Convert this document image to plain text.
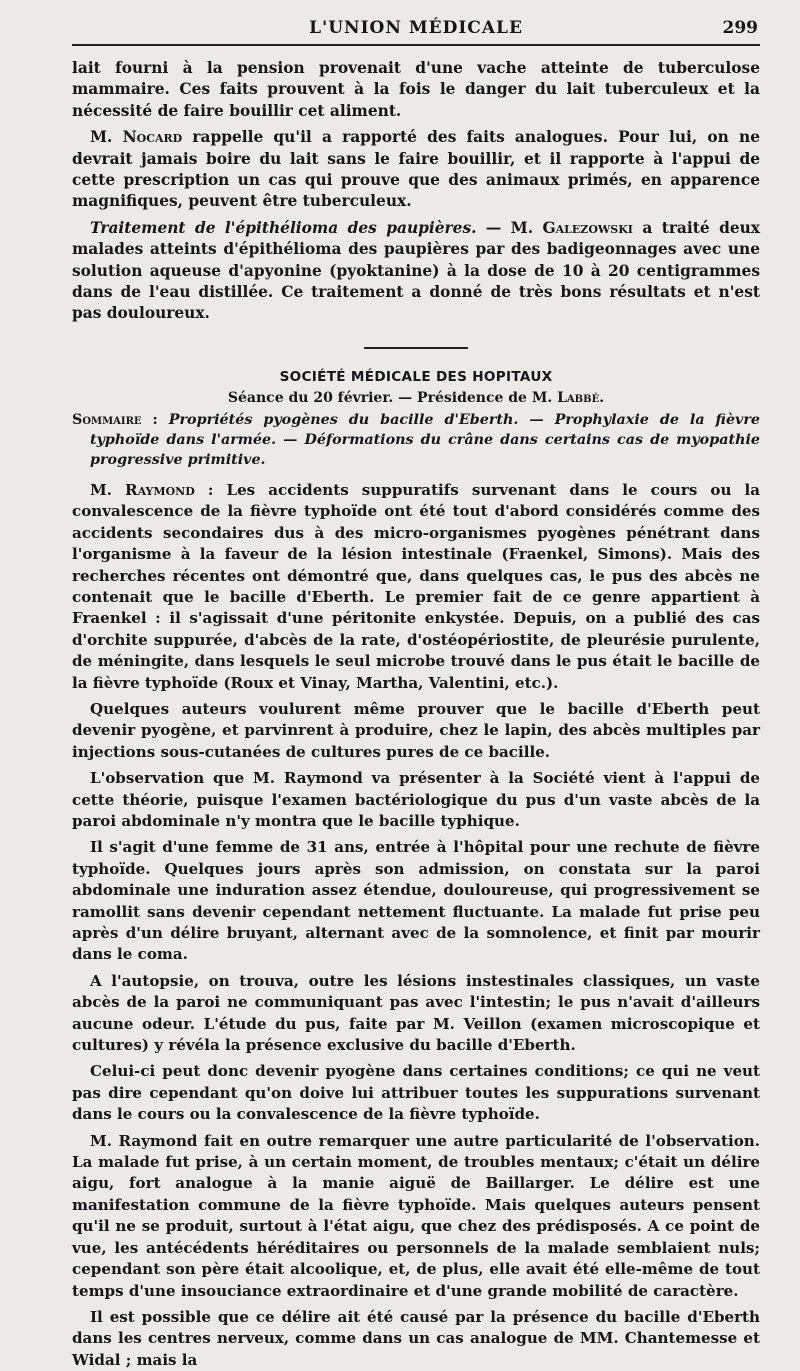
L'UNION MÉDICALE	299

lait fourni à la pension provenait d'une vache atteinte de tuberculose mammaire. Ces faits prouvent à la fois le danger du lait tuberculeux et la nécessité de faire bouillir cet aliment.

M. Nocard rappelle qu'il a rapporté des faits analogues. Pour lui, on ne devrait jamais boire du lait sans le faire bouillir, et il rapporte à l'appui de cette prescription un cas qui prouve que des animaux primés, en apparence magnifiques, peuvent être tuberculeux.

Traitement de l'épithélioma des paupières. — M. Galezowski a traité deux malades atteints d'épithélioma des paupières par des badigeonnages avec une solution aqueuse d'apyonine (pyoktanine) à la dose de 10 à 20 centigrammes dans de l'eau distillée. Ce traitement a donné de très bons résultats et n'est pas douloureux.

SOCIÉTÉ MÉDICALE DES HOPITAUX
Séance du 20 février. — Présidence de M. Labbé.
Sommaire : Propriétés pyogènes du bacille d'Eberth. — Prophylaxie de la fièvre typhoïde dans l'armée. — Déformations du crâne dans certains cas de myopathie progressive primitive.

M. Raymond : Les accidents suppuratifs survenant dans le cours ou la convalescence de la fièvre typhoïde ont été tout d'abord considérés comme des accidents secondaires dus à des micro-organismes pyogènes pénétrant dans l'organisme à la faveur de la lésion intestinale (Fraenkel, Simons). Mais des recherches récentes ont démontré que, dans quelques cas, le pus des abcès ne contenait que le bacille d'Eberth. Le premier fait de ce genre appartient à Fraenkel : il s'agissait d'une péritonite enkystée. Depuis, on a publié des cas d'orchite suppurée, d'abcès de la rate, d'ostéopériostite, de pleurésie purulente, de méningite, dans lesquels le seul microbe trouvé dans le pus était le bacille de la fièvre typhoïde (Roux et Vinay, Martha, Valentini, etc.).

Quelques auteurs voulurent même prouver que le bacille d'Eberth peut devenir pyogène, et parvinrent à produire, chez le lapin, des abcès multiples par injections sous-cutanées de cultures pures de ce bacille.

L'observation que M. Raymond va présenter à la Société vient à l'appui de cette théorie, puisque l'examen bactériologique du pus d'un vaste abcès de la paroi abdominale n'y montra que le bacille typhique.

Il s'agit d'une femme de 31 ans, entrée à l'hôpital pour une rechute de fièvre typhoïde. Quelques jours après son admission, on constata sur la paroi abdominale une induration assez étendue, douloureuse, qui progressivement se ramollit sans devenir cependant nettement fluctuante. La malade fut prise peu après d'un délire bruyant, alternant avec de la somnolence, et finit par mourir dans le coma.

A l'autopsie, on trouva, outre les lésions instestinales classiques, un vaste abcès de la paroi ne communiquant pas avec l'intestin; le pus n'avait d'ailleurs aucune odeur. L'étude du pus, faite par M. Veillon (examen microscopique et cultures) y révéla la présence exclusive du bacille d'Eberth.

Celui-ci peut donc devenir pyogène dans certaines conditions; ce qui ne veut pas dire cependant qu'on doive lui attribuer toutes les suppurations survenant dans le cours ou la convalescence de la fièvre typhoïde.

M. Raymond fait en outre remarquer une autre particularité de l'observation. La malade fut prise, à un certain moment, de troubles mentaux; c'était un délire aigu, fort analogue à la manie aiguë de Baillarger. Le délire est une manifestation commune de la fièvre typhoïde. Mais quelques auteurs pensent qu'il ne se produit, surtout à l'état aigu, que chez des prédisposés. A ce point de vue, les antécédents héréditaires ou personnels de la malade semblaient nuls; cependant son père était alcoolique, et, de plus, elle avait été elle-même de tout temps d'une insouciance extraordinaire et d'une grande mobilité de caractère.

Il est possible que ce délire ait été causé par la présence du bacille d'Eberth dans les centres nerveux, comme dans un cas analogue de MM. Chantemesse et Widal ; mais la
